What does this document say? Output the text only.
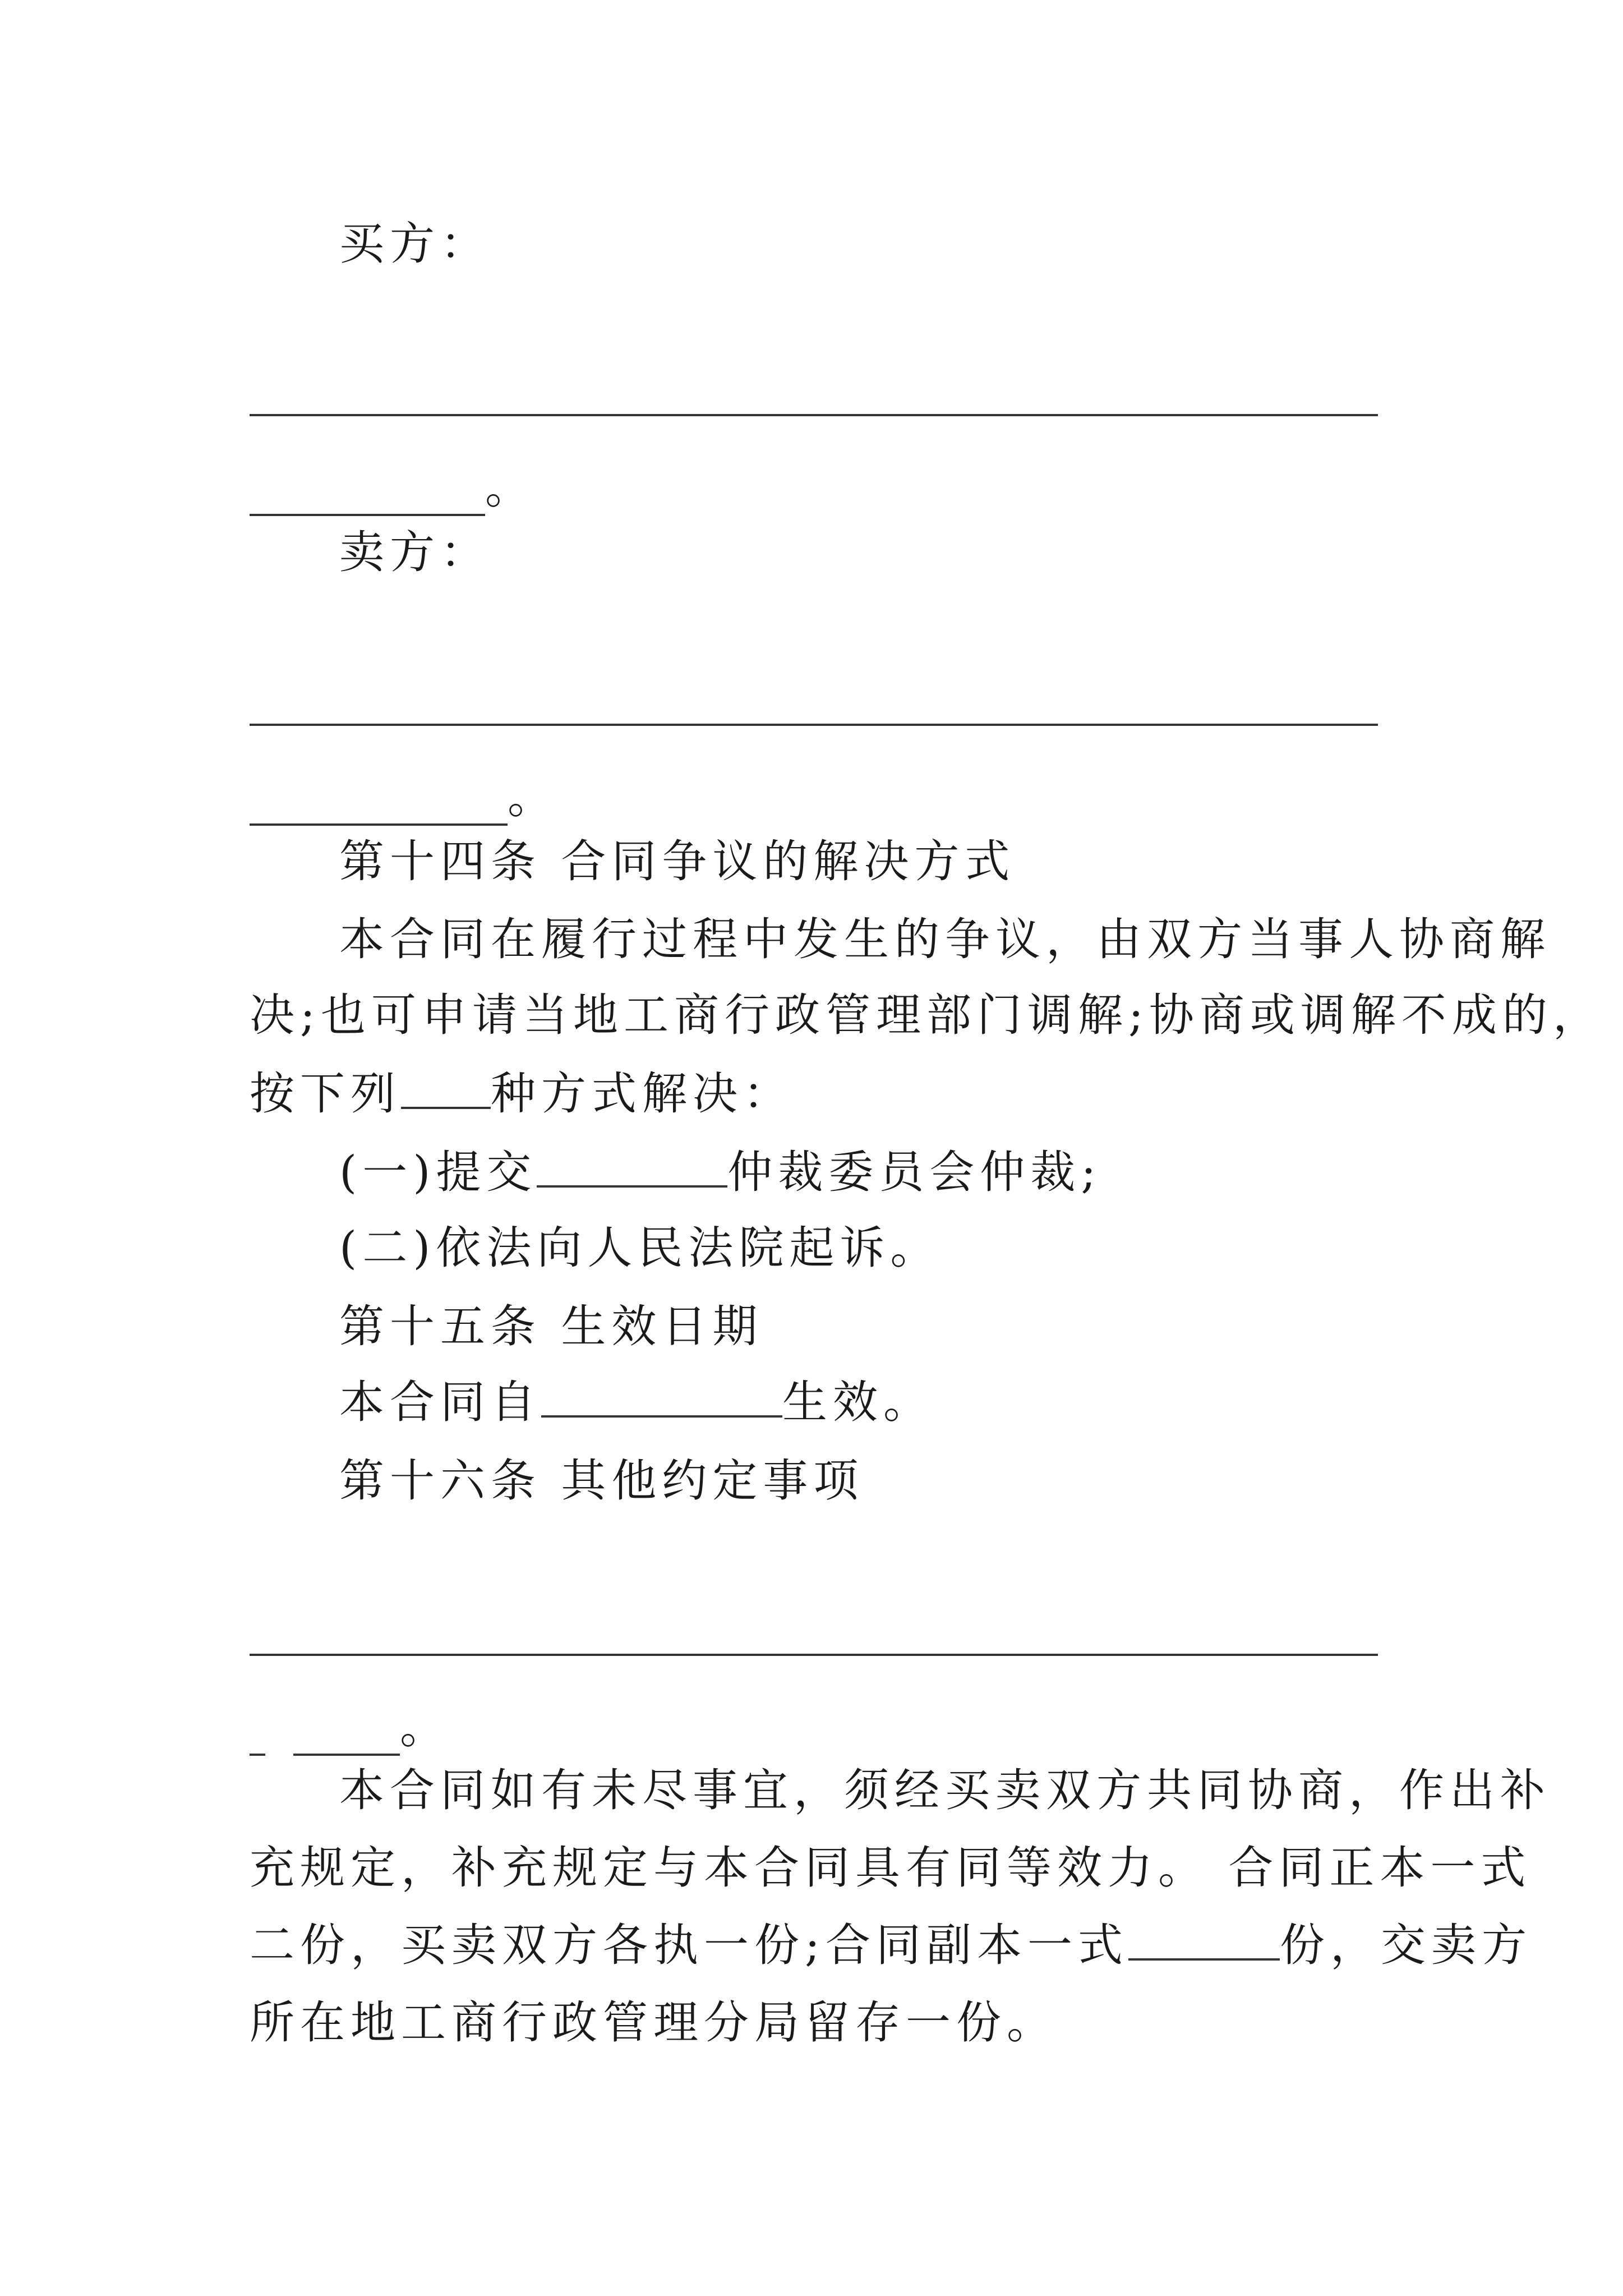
买方：
。
卖方：
。
第十四条 合同争议的解决方式
本合同在履行过程中发生的争议，由双方当事人协商解
决;也可申请当地工商行政管理部门调解;协商或调解不成的，
按下列 种方式解决：
(一)提交	仲裁委员会仲裁;
(二)依法向人民法院起诉。
第十五条 生效日期
本合同自	生效。
第十六条 其他约定事项
。
本合同如有未尽事宜，须经买卖双方共同协商，作出补
充规定，补充规定与本合同具有同等效力。 合同正本一式
二份，买卖双方各执一份;合同副本一式	份，交卖方
所在地工商行政管理分局留存一份。
